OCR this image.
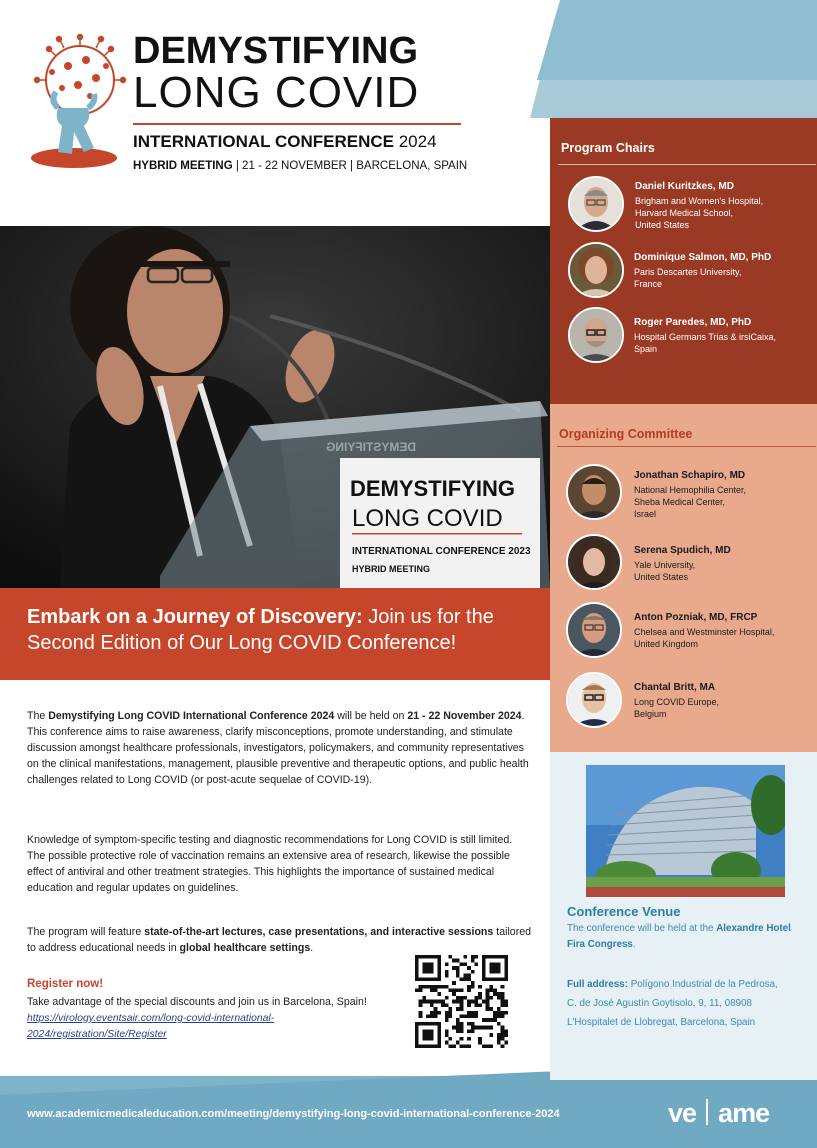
DEMYSTIFYING
LONG COVID
INTERNATIONAL CONFERENCE 2024
HYBRID MEETING | 21 - 22 NOVEMBER | BARCELONA, SPAIN
DEMYSTIFYING
DEMYSTIFYING
LONG COVID
INTERNATIONAL CONFERENCE 2023
HYBRID MEETING
Embark on a Journey of Discovery: Join us for the Second Edition of Our Long COVID Conference!
The Demystifying Long COVID International Conference 2024 will be held on 21 - 22 November 2024. This conference aims to raise awareness, clarify misconceptions, promote understanding, and stimulate discussion amongst healthcare professionals, investigators, policymakers, and community representatives on the clinical manifestations, management, plausible preventive and therapeutic options, and public health challenges related to Long COVID (or post-acute sequelae of COVID-19).
Knowledge of symptom-specific testing and diagnostic recommendations for Long COVID is still limited. The possible protective role of vaccination remains an extensive area of research, likewise the possible effect of antiviral and other treatment strategies. This highlights the importance of sustained medical education and regular updates on guidelines.
The program will feature state-of-the-art lectures, case presentations, and interactive sessions tailored to address educational needs in global healthcare settings.
Register now!
Take advantage of the special discounts and join us in Barcelona, Spain!
https://virology.eventsair.com/long-covid-international-2024/registration/Site/Register
Program Chairs
Daniel Kuritzkes, MD
Brigham and Women's Hospital,
Harvard Medical School,
United States
Dominique Salmon, MD, PhD
Paris Descartes University,
France
Roger Paredes, MD, PhD
Hospital Germans Trias & irsiCaixa,
Spain
Organizing Committee
Jonathan Schapiro, MD
National Hemophilia Center,
Sheba Medical Center,
Israel
Serena Spudich, MD
Yale University,
United States
Anton Pozniak, MD, FRCP
Chelsea and Westminster Hospital,
United Kingdom
Chantal Britt, MA
Long COVID Europe,
Belgium
Conference Venue
The conference will be held at the Alexandre Hotel Fira Congress.
Full address: Polígono Industrial de la Pedrosa,
C. de José Agustín Goytisolo, 9, 11, 08908
L'Hospitalet de Llobregat, Barcelona, Spain
www.academicmedicaleducation.com/meeting/demystifying-long-covid-international-conference-2024	ve ame
